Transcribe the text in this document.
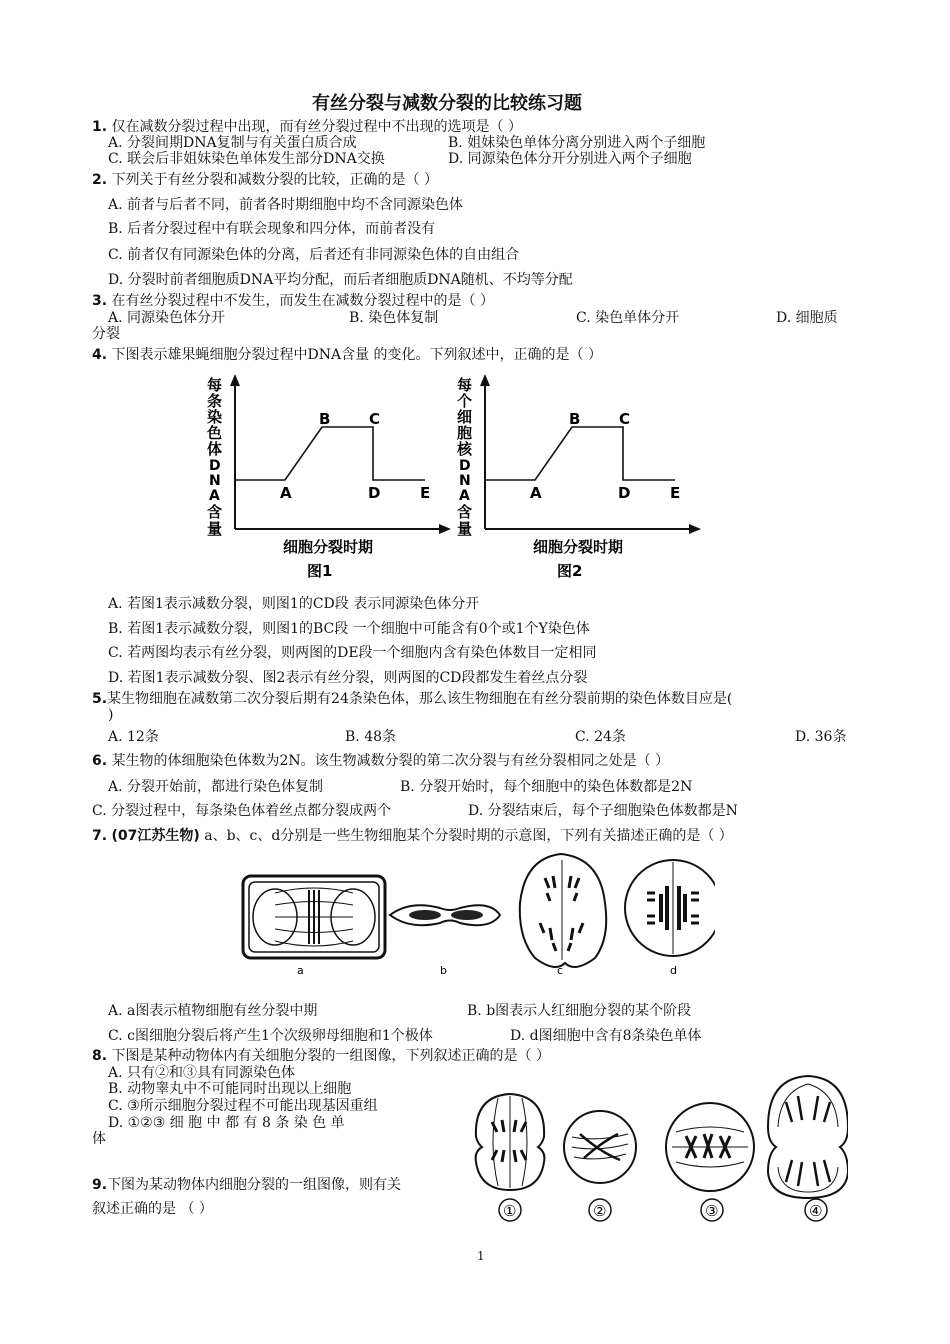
有丝分裂与减数分裂的比较练习题
1. 仅在减数分裂过程中出现，而有丝分裂过程中不出现的选项是（ ）
A. 分裂间期DNA复制与有关蛋白质合成	B. 姐妹染色单体分离分别进入两个子细胞
C. 联会后非姐妹染色单体发生部分DNA交换	D. 同源染色体分开分别进入两个子细胞
2. 下列关于有丝分裂和减数分裂的比较，正确的是（ ）
A. 前者与后者不同，前者各时期细胞中均不含同源染色体
B. 后者分裂过程中有联会现象和四分体，而前者没有
C. 前者仅有同源染色体的分离，后者还有非同源染色体的自由组合
D. 分裂时前者细胞质DNA平均分配，而后者细胞质DNA随机、不均等分配
3. 在有丝分裂过程中不发生，而发生在减数分裂过程中的是（ ）
A. 同源染色体分开	B. 染色体复制	C. 染色单体分开	D. 细胞质
分裂
4. 下图表示雄果蝇细胞分裂过程中DNA含量 的变化。下列叙述中，正确的是（ ）
A
B	C
D	E
每
条
染
色
体
D
N
A
含
量
细胞分裂时期
图1
A
B	C
D	E
每
个
细
胞
核
D
N
A
含
量
细胞分裂时期
图2
A. 若图1表示减数分裂，则图1的CD段 表示同源染色体分开
B. 若图1表示减数分裂，则图1的BC段 一个细胞中可能含有0个或1个Y染色体
C. 若两图均表示有丝分裂，则两图的DE段一个细胞内含有染色体数目一定相同
D. 若图1表示减数分裂、图2表示有丝分裂，则两图的CD段都发生着丝点分裂
5.某生物细胞在减数第二次分裂后期有24条染色体，那么该生物细胞在有丝分裂前期的染色体数目应是(
)
A. 12条	B. 48条	C. 24条	D. 36条
6. 某生物的体细胞染色体数为2N。该生物减数分裂的第二次分裂与有丝分裂相同之处是（ ）
A. 分裂开始前，都进行染色体复制	B. 分裂开始时，每个细胞中的染色体数都是2N
C. 分裂过程中，每条染色体着丝点都分裂成两个	D. 分裂结束后，每个子细胞染色体数都是N
7. (07江苏生物) a、b、c、d分别是一些生物细胞某个分裂时期的示意图，下列有关描述正确的是（ ）
a	b	c	d
A. a图表示植物细胞有丝分裂中期	B. b图表示人红细胞分裂的某个阶段
C. c图细胞分裂后将产生1个次级卵母细胞和1个极体	D. d图细胞中含有8条染色单体
8. 下图是某种动物体内有关细胞分裂的一组图像，下列叙述正确的是（ ）
A. 只有②和③具有同源染色体
B. 动物睾丸中不可能同时出现以上细胞
C. ③所示细胞分裂过程不可能出现基因重组
D. ①②③ 细 胞 中 都 有 8 条 染 色 单
体
①	②	③	④
9.下图为某动物体内细胞分裂的一组图像，则有关
叙述正确的是 （ ）
1
